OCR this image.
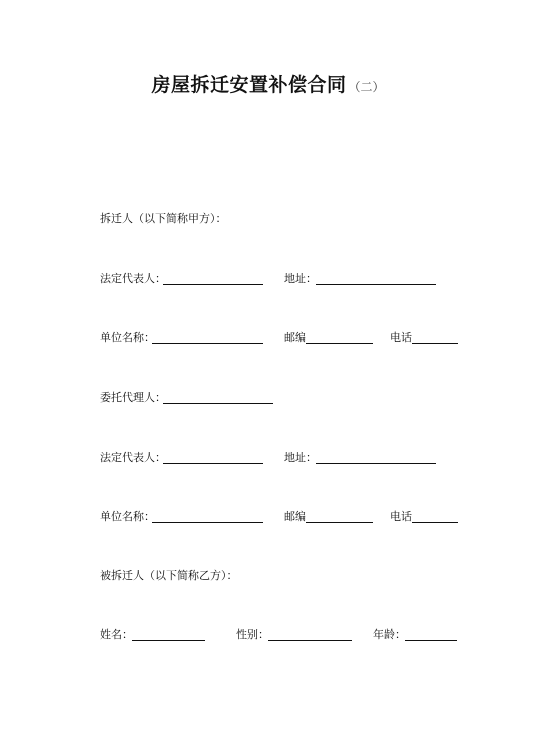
房屋拆迁安置补偿合同 （二）
拆迁人（以下简称甲方）：
法定代表人：	地址：
单位名称：	邮编	电话
委托代理人：
法定代表人：	地址：
单位名称：	邮编	电话
被拆迁人（以下简称乙方）：
姓名：	性别：	年龄：
